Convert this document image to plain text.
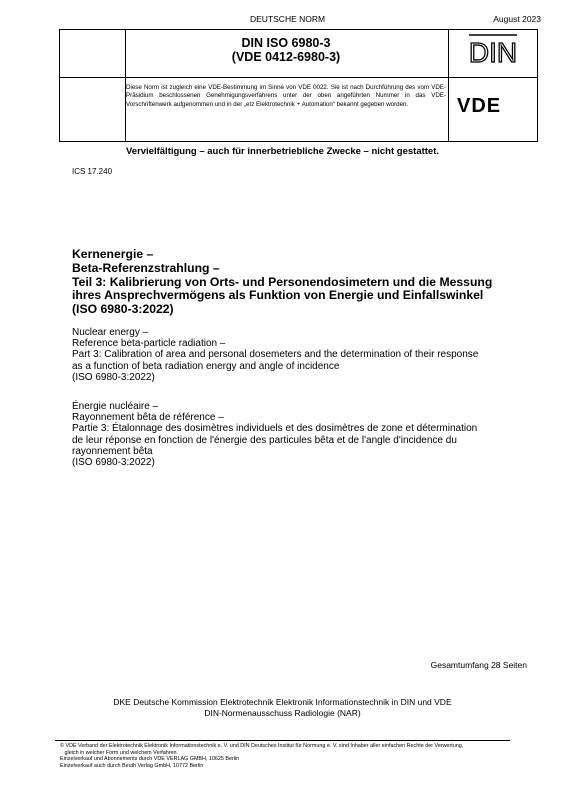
DEUTSCHE NORM	August 2023
DIN ISO 6980-3
(VDE 0412-6980-3)	DIN
Diese Norm ist zugleich eine VDE-Bestimmung im Sinne von VDE 0022. Sie ist nach Durchführung des vom VDE-Präsidium beschlossenen Genehmigungsverfahrens unter der oben angeführten Nummer in das VDE-Vorschriftenwerk aufgenommen und in der „etz Elektrotechnik + Automation“ bekannt gegeben worden.	VDE
Vervielfältigung – auch für innerbetriebliche Zwecke – nicht gestattet.
ICS 17.240
Kernenergie –
Beta-Referenzstrahlung –
Teil 3: Kalibrierung von Orts- und Personendosimetern und die Messung
ihres Ansprechvermögens als Funktion von Energie und Einfallswinkel
(ISO 6980-3:2022)
Nuclear energy –
Reference beta-particle radiation –
Part 3: Calibration of area and personal dosemeters and the determination of their response
as a function of beta radiation energy and angle of incidence
(ISO 6980-3:2022)
Énergie nucléaire –
Rayonnement bêta de référence –
Partie 3: Étalonnage des dosimètres individuels et des dosimètres de zone et détermination
de leur réponse en fonction de l'énergie des particules bêta et de l'angle d'incidence du
rayonnement bêta
(ISO 6980-3:2022)
Gesamtumfang 28 Seiten
DKE Deutsche Kommission Elektrotechnik Elektronik Informationstechnik in DIN und VDE
DIN-Normenausschuss Radiologie (NAR)
© VDE Verband der Elektrotechnik Elektronik Informationstechnik e. V. und DIN Deutsches Institut für Normung e. V. sind Inhaber aller einfachen Rechte der Verwertung,
gleich in welcher Form und welchem Verfahren.
Einzelverkauf und Abonnements durch VDE VERLAG GMBH, 10625 Berlin
Einzelverkauf auch durch Beuth Verlag GmbH, 10772 Berlin
